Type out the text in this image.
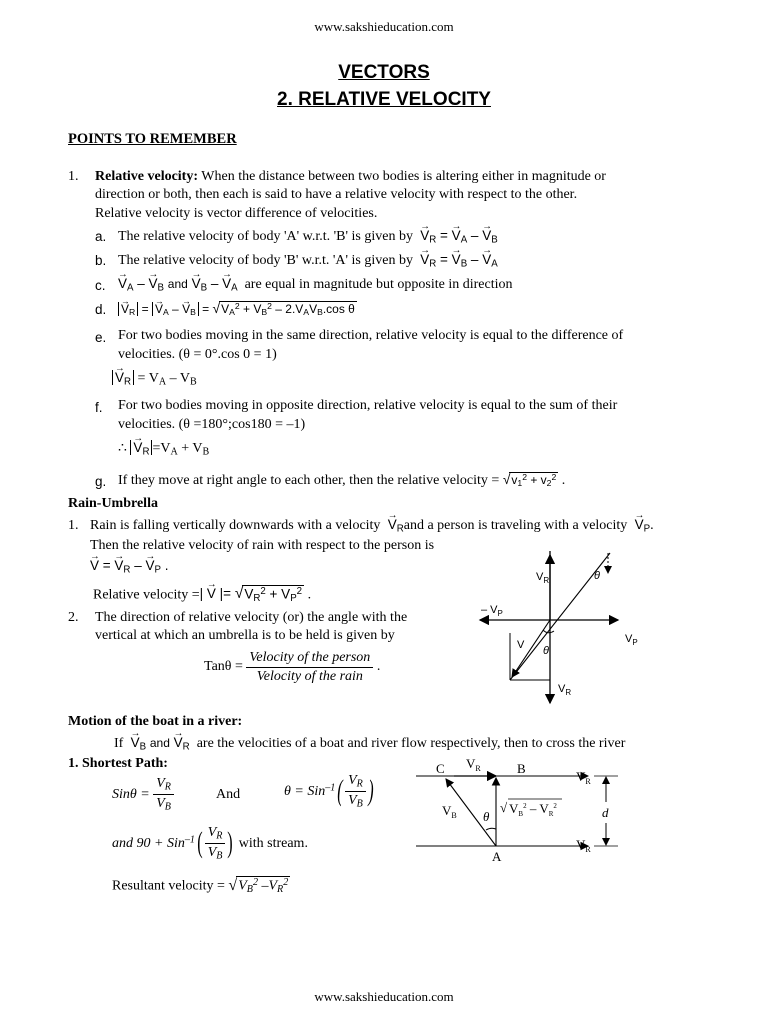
www.sakshieducation.com
VECTORS
2. RELATIVE VELOCITY
POINTS TO REMEMBER
1. Relative velocity: When the distance between two bodies is altering either in magnitude or
direction or both, then each is said to have a relative velocity with respect to the other.
Relative velocity is vector difference of velocities.
a. The relative velocity of body 'A' w.r.t. 'B' is given by → $V_R$ = → $V_A$ – → $V_B$
b. The relative velocity of body 'B' w.r.t. 'A' is given by → $V_R$ = → $V_B$ – → $V_A$
c. → $V_A$ – → $V_B$ and → $V_B$ – → $V_A$ are equal in magnitude but opposite in direction
d. → $V_R$ = → $V_A$ – → $V_B = √V_A^2 + V_B^2 - 2.V_AV_B.\cos$ θ
e. For two bodies moving in the same direction, relative velocity is equal to the difference of
velocities. (θ = 0°.cos 0 = 1)
→ $V_R = V_A - V_B$
f. For two bodies moving in opposite direction, relative velocity is equal to the sum of their
velocities. (θ =180°;cos180 = –1)
∴ → $V_R =V_A + V_B$
g. If they move at right angle to each other, then the relative velocity = $√v_1^2 + v_2^2$ .
Rain-Umbrella
1. Rain is falling vertically downwards with a velocity → $V_Rand$ a person is traveling with a velocity → $V_P$.
Then the relative velocity of rain with respect to the person is
→ V = → $V_R$ – → $V_P$ .
Relative velocity =| → V |= $√V_R^2 + V_P^2$ .
2. The direction of relative velocity (or) the angle with the
vertical at which an umbrella is to be held is given by
$Tan\theta = \frac{\text{Velocity of the person}}{\text{Velocity of the rain}}$ .
$V_R$	θ
– $V_P$
$V_P$
V θ
$V_R$
Motion of the boat in a river:
$If \to V_B$ and → $V_R$ are the velocities of a boat and river flow respectively, then to cross the river
1. Shortest Path:
$Sin\theta = \frac{V_R}{V_B}$	And	$\theta = Sin^{-1}( \frac{V_R}{V_B}$ )
and $90 + Sin^{-1}( \frac{V_R}{V_B}$ ) with stream.
Resultant velocity = $√V_B^2$ $-V_R^2$
C $V_R$	B
$V_R$
$V_B$ θ
√ $V_B^2 - V_R^2$	d
$V_R$
A
www.sakshieducation.com
